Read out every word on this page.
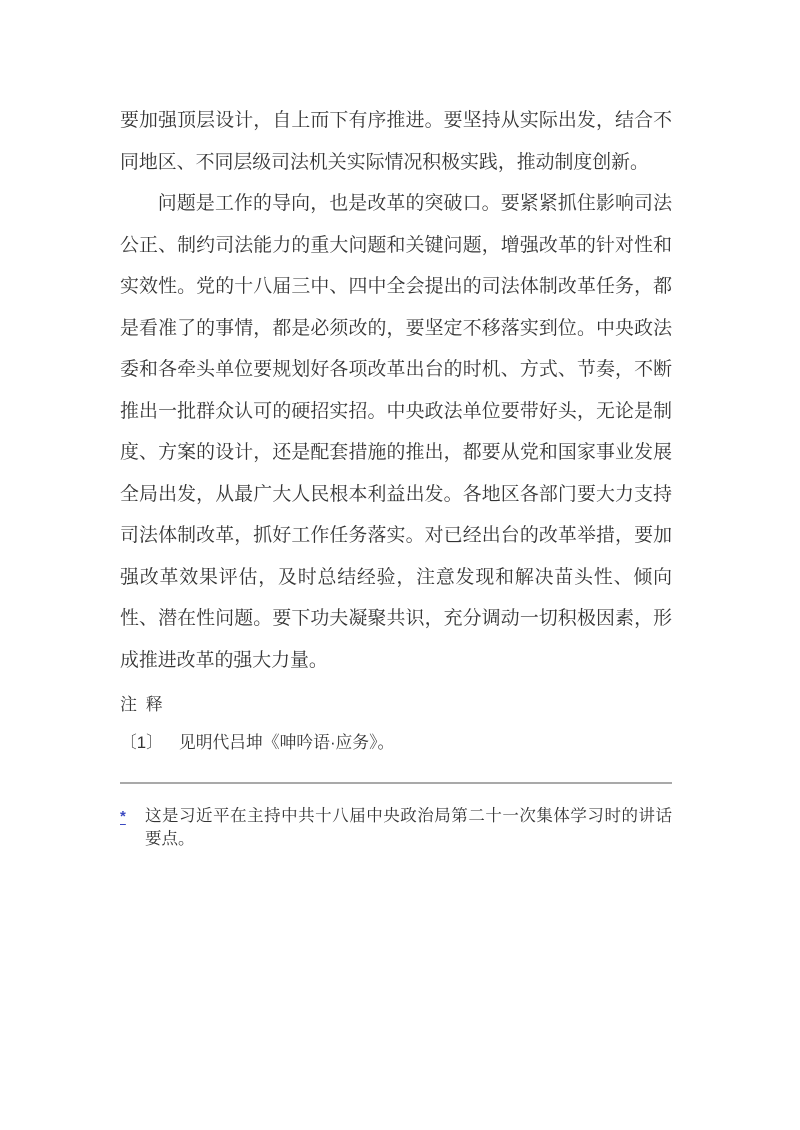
要加强顶层设计，自上而下有序推进。要坚持从实际出发，结合不同地区、不同层级司法机关实际情况积极实践，推动制度创新。

问题是工作的导向，也是改革的突破口。要紧紧抓住影响司法公正、制约司法能力的重大问题和关键问题，增强改革的针对性和实效性。党的十八届三中、四中全会提出的司法体制改革任务，都是看准了的事情，都是必须改的，要坚定不移落实到位。中央政法委和各牵头单位要规划好各项改革出台的时机、方式、节奏，不断推出一批群众认可的硬招实招。中央政法单位要带好头，无论是制度、方案的设计，还是配套措施的推出，都要从党和国家事业发展全局出发，从最广大人民根本利益出发。各地区各部门要大力支持司法体制改革，抓好工作任务落实。对已经出台的改革举措，要加强改革效果评估，及时总结经验，注意发现和解决苗头性、倾向性、潜在性问题。要下功夫凝聚共识，充分调动一切积极因素，形成推进改革的强大力量。

注 释
〔1〕 见明代吕坤《呻吟语·应务》。
*	这是习近平在主持中共十八届中央政治局第二十一次集体学习时的讲话要点。
